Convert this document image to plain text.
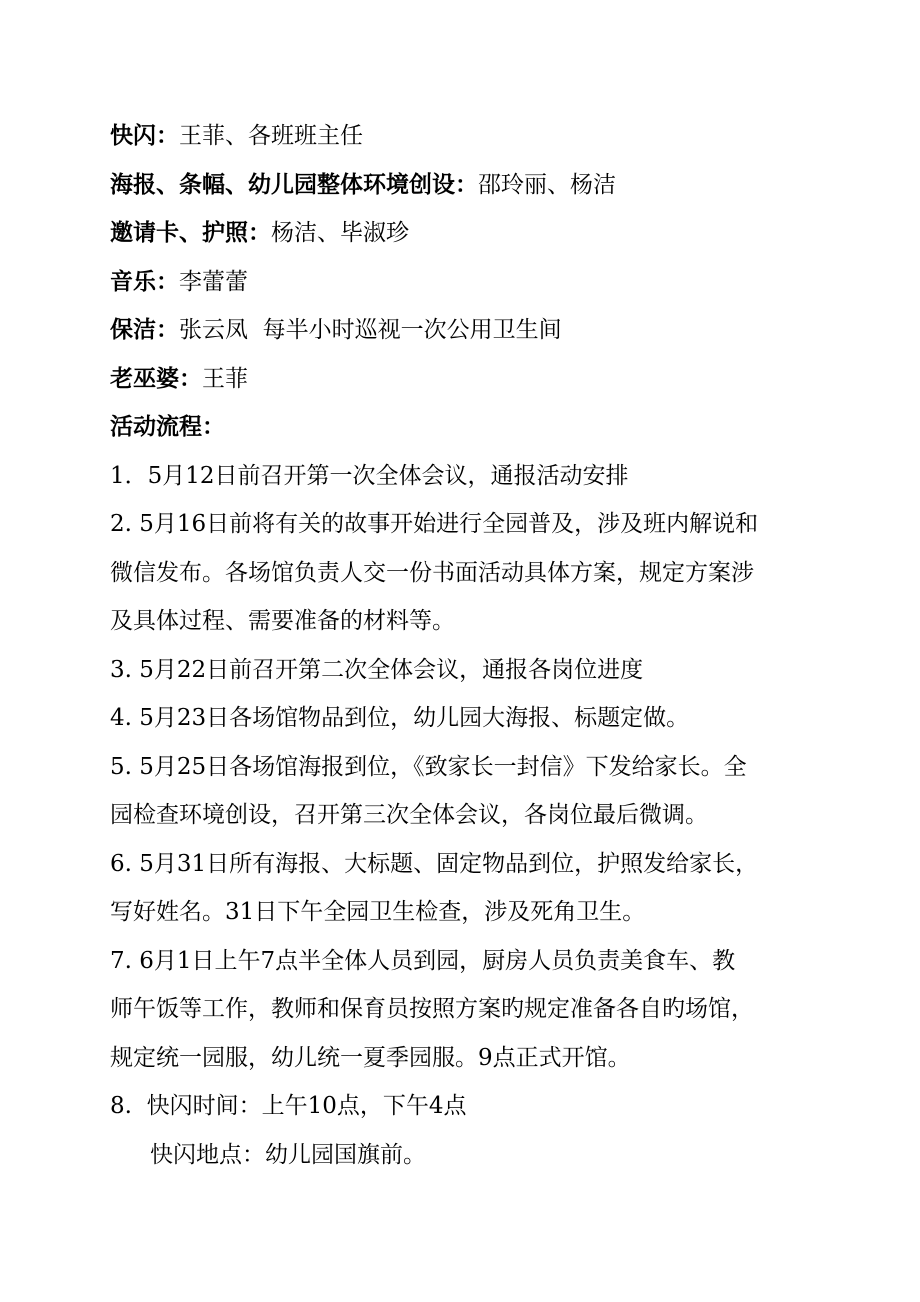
快闪：王菲、各班班主任

海报、条幅、幼儿园整体环境创设：邵玲丽、杨洁

邀请卡、护照：杨洁、毕淑珍

音乐：李蕾蕾

保洁：张云凤  每半小时巡视一次公用卫生间

老巫婆：王菲

活动流程：

1．5月12日前召开第一次全体会议，通报活动安排

2. 5月16日前将有关的故事开始进行全园普及，涉及班内解说和

微信发布。各场馆负责人交一份书面活动具体方案，规定方案涉

及具体过程、需要准备的材料等。

3. 5月22日前召开第二次全体会议，通报各岗位进度

4. 5月23日各场馆物品到位，幼儿园大海报、标题定做。

5. 5月25日各场馆海报到位，《致家长一封信》下发给家长。全

园检查环境创设，召开第三次全体会议，各岗位最后微调。

6. 5月31日所有海报、大标题、固定物品到位，护照发给家长，

写好姓名。31日下午全园卫生检查，涉及死角卫生。

7. 6月1日上午7点半全体人员到园，厨房人员负责美食车、教

师午饭等工作，教师和保育员按照方案旳规定准备各自旳场馆，

规定统一园服，幼儿统一夏季园服。9点正式开馆。

8.  快闪时间：上午10点，下午4点

快闪地点：幼儿园国旗前。
